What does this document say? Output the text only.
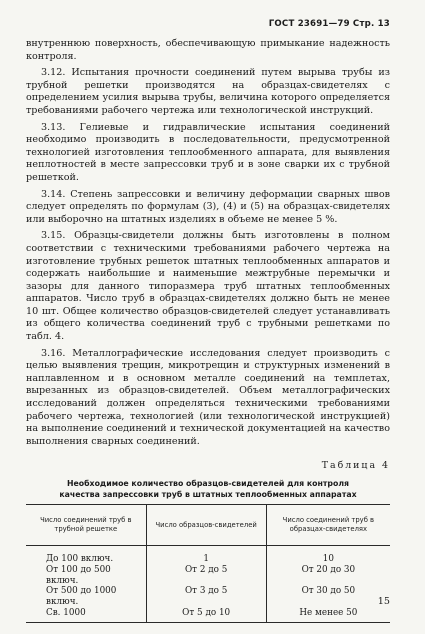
ГОСТ 23691—79 Стр. 13

внутреннюю поверхность, обеспечивающую примыкание надежность контроля.

3.12. Испытания прочности соединений путем вырыва трубы из трубной решетки производятся на образцах-свидетелях с определением усилия вырыва трубы, величина которого определяется требованиями рабочего чертежа или технологической инструкций.

3.13. Гелиевые и гидравлические испытания соединений необходимо производить в последовательности, предусмотренной технологией изготовления теплообменного аппарата, для выявления неплотностей в месте запрессовки труб и в зоне сварки их с трубной решеткой.

3.14. Степень запрессовки и величину деформации сварных швов следует определять по формулам (3), (4) и (5) на образцах-свидетелях или выборочно на штатных изделиях в объеме не менее 5 %.

3.15. Образцы-свидетели должны быть изготовлены в полном соответствии с техническими требованиями рабочего чертежа на изготовление трубных решеток штатных теплообменных аппаратов и содержать наибольшие и наименьшие межтрубные перемычки и зазоры для данного типоразмера труб штатных теплообменных аппаратов. Число труб в образцах-свидетелях должно быть не менее 10 шт. Общее количество образцов-свидетелей следует устанавливать из общего количества соединений труб с трубными решетками по табл. 4.

3.16. Металлографические исследования следует производить с целью выявления трещин, микротрещин и структурных изменений в наплавленном и в основном металле соединений на темплетах, вырезанных из образцов-свидетелей. Объем металлографических исследований должен определяться техническими требованиями рабочего чертежа, технологией (или технологической инструкцией) на выполнение соединений и технической документацией на качество выполнения сварных соединений.

Таблица 4
Необходимое количество образцов-свидетелей для контроля
качества запрессовки труб в штатных теплообменных аппаратах
Число соединений труб в трубной решетке	Число образцов-свидетелей	Число соединений труб в образцах-свидетелях
До 100 включ.	1	10
От 100 до 500 включ.	От 2 до 5	От 20 до 30
От 500 до 1000 включ.	От 3 до 5	От 30 до 50
Св. 1000	От 5 до 10	Не менее 50
15
